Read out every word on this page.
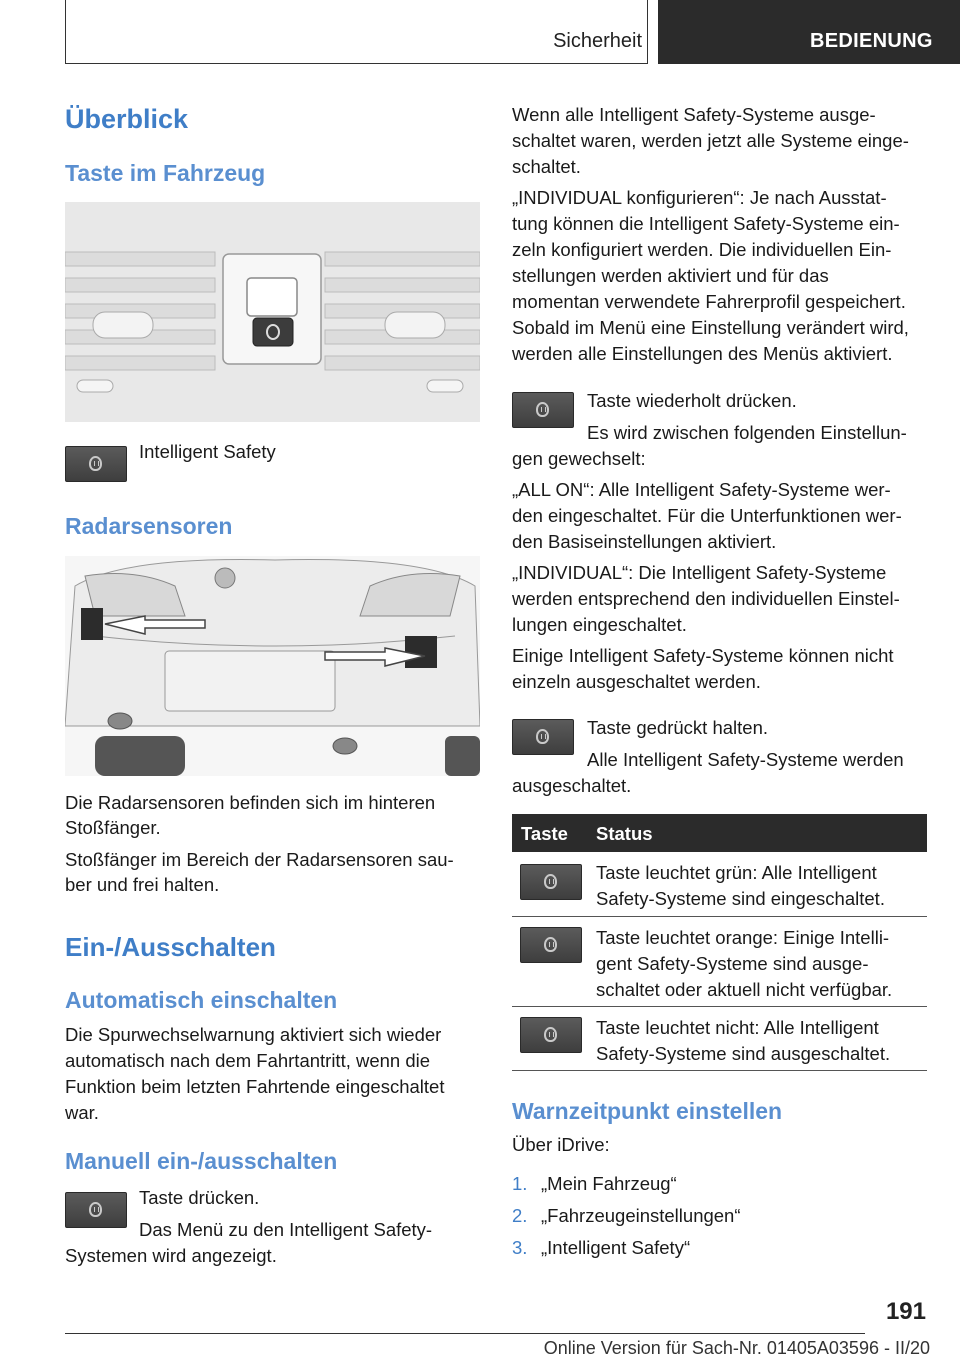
Sicherheit	BEDIENUNG
Überblick
Taste im Fahrzeug
Intelligent Safety
Radarsensoren
Die Radarsensoren befinden sich im hinteren
Stoßfänger.
Stoßfänger im Bereich der Radarsensoren sau-
ber und frei halten.
Ein-/Ausschalten
Automatisch einschalten
Die Spurwechselwarnung aktiviert sich wieder
automatisch nach dem Fahrtantritt, wenn die
Funktion beim letzten Fahrtende eingeschaltet
war.
Manuell ein-/ausschalten
Taste drücken.
Das Menü zu den Intelligent Safety-
Systemen wird angezeigt.
Wenn alle Intelligent Safety-Systeme ausge-
schaltet waren, werden jetzt alle Systeme einge-
schaltet.
„INDIVIDUAL konfigurieren“: Je nach Ausstat-
tung können die Intelligent Safety-Systeme ein-
zeln konfiguriert werden. Die individuellen Ein-
stellungen werden aktiviert und für das
momentan verwendete Fahrerprofil gespeichert.
Sobald im Menü eine Einstellung verändert wird,
werden alle Einstellungen des Menüs aktiviert.
Taste wiederholt drücken.
Es wird zwischen folgenden Einstellun-
gen gewechselt:
„ALL ON“: Alle Intelligent Safety-Systeme wer-
den eingeschaltet. Für die Unterfunktionen wer-
den Basiseinstellungen aktiviert.
„INDIVIDUAL“: Die Intelligent Safety-Systeme
werden entsprechend den individuellen Einstel-
lungen eingeschaltet.
Einige Intelligent Safety-Systeme können nicht
einzeln ausgeschaltet werden.
Taste gedrückt halten.
Alle Intelligent Safety-Systeme werden
ausgeschaltet.
Taste Status
Taste leuchtet grün: Alle Intelligent
Safety-Systeme sind eingeschaltet.
Taste leuchtet orange: Einige Intelli-
gent Safety-Systeme sind ausge-
schaltet oder aktuell nicht verfügbar.
Taste leuchtet nicht: Alle Intelligent
Safety-Systeme sind ausgeschaltet.
Warnzeitpunkt einstellen
Über iDrive:
1. „Mein Fahrzeug“
2. „Fahrzeugeinstellungen“
3. „Intelligent Safety“
191
Online Version für Sach-Nr. 01405A03596 - II/20
